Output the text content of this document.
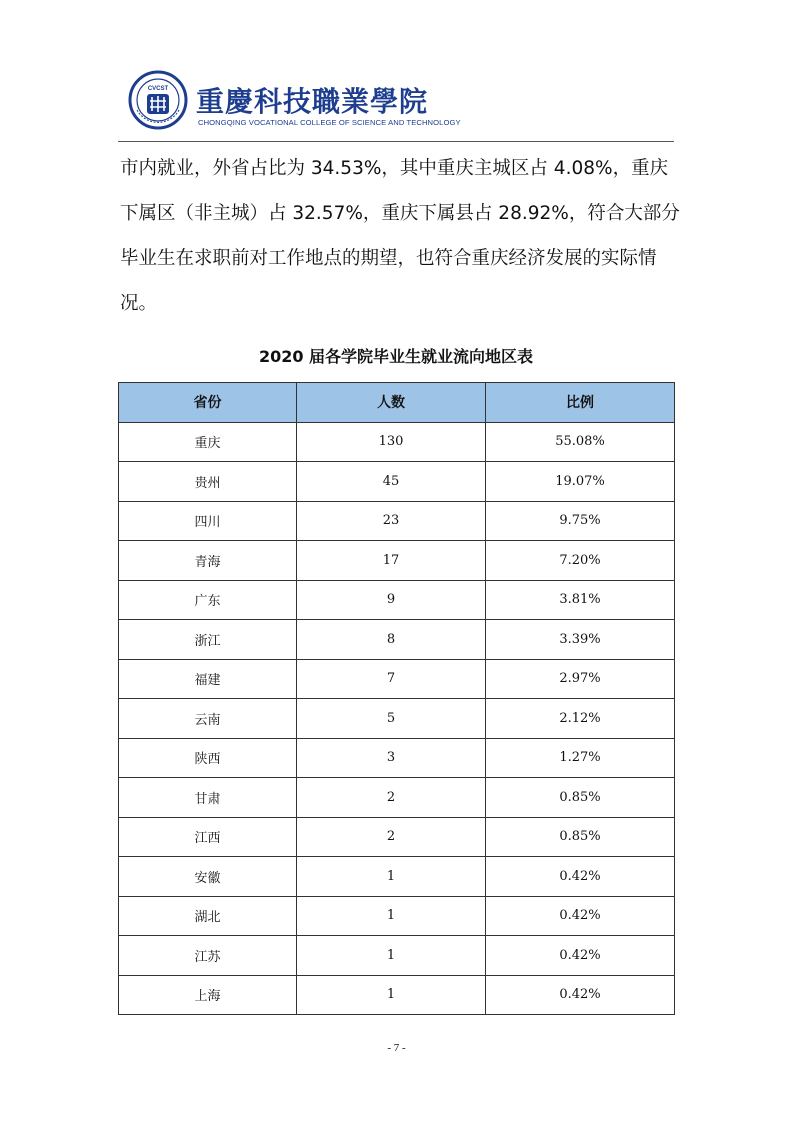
CVCST 重慶科技職業學院
CHONGQING VOCATIONAL COLLEGE OF SCIENCE AND TECHNOLOGY

市内就业，外省占比为 34.53%，其中重庆主城区占 4.08%，重庆下属区（非主城）占 32.57%，重庆下属县占 28.92%，符合大部分毕业生在求职前对工作地点的期望，也符合重庆经济发展的实际情况。

2020 届各学院毕业生就业流向地区表
省份	人数	比例
重庆	130	55.08%
贵州	45	19.07%
四川	23	9.75%
青海	17	7.20%
广东	9	3.81%
浙江	8	3.39%
福建	7	2.97%
云南	5	2.12%
陕西	3	1.27%
甘肃	2	0.85%
江西	2	0.85%
安徽	1	0.42%
湖北	1	0.42%
江苏	1	0.42%
上海	1	0.42%
- 7 -
